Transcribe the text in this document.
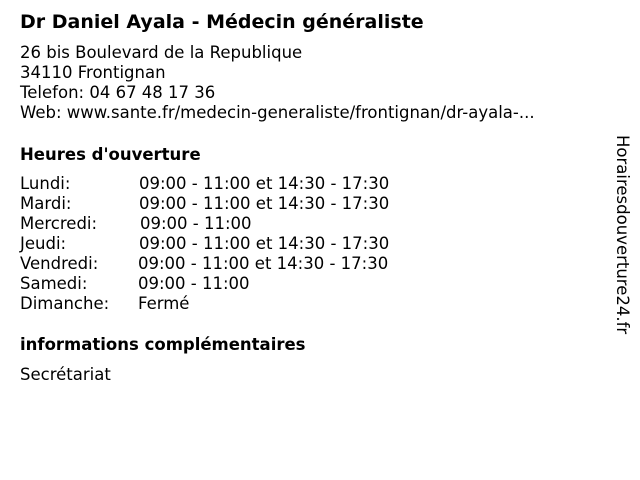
Dr Daniel Ayala - Médecin généraliste
26 bis Boulevard de la Republique
34110 Frontignan
Telefon: 04 67 48 17 36
Web: www.sante.fr/medecin-generaliste/frontignan/dr-ayala-...
Heures d'ouverture
Lundi:	09:00 - 11:00 et 14:30 - 17:30
Mardi:	09:00 - 11:00 et 14:30 - 17:30
Mercredi:	09:00 - 11:00
Jeudi:	09:00 - 11:00 et 14:30 - 17:30
Vendredi: 09:00 - 11:00 et 14:30 - 17:30
Samedi:	09:00 - 11:00
Dimanche: Fermé
informations complémentaires
Secrétariat
Horairesdouverture24.fr
